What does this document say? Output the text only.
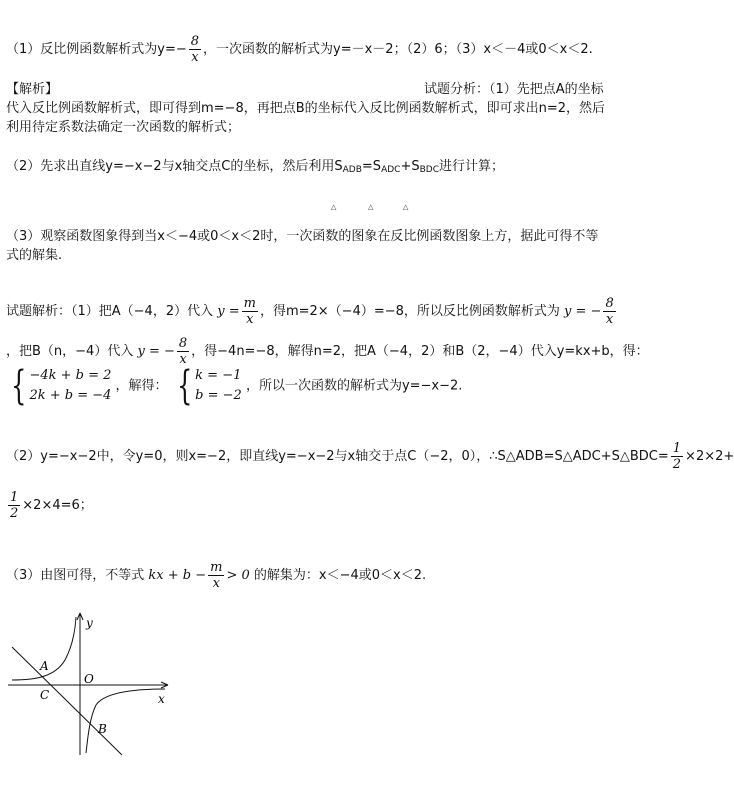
（1）反比例函数解析式为$y=- \frac{8}{x}$ ，一次函数的解析式为y=－x－2；（2）6；（3）x＜－4或0＜x＜2.
【解析】	试题分析：（1）先把点A的坐标
代入反比例函数解析式，即可得到m=−8，再把点B的坐标代入反比例函数解析式，即可求出n=2，然后
利用待定系数法确定一次函数的解析式；
（2）先求出直线y=−x−2与x轴交点C的坐标，然后利用SADB=SADC+SBDC进行计算；
△	△	△
（3）观察函数图象得到当x＜−4或0＜x＜2时，一次函数的图象在反比例函数图象上方，据此可得不等
式的解集.
试题解析：（1）把A（−4，2）代入 $y = \frac{m}{x}$ ，得m=2×（−4）=−8，所以反比例函数解析式为 y = − $\frac{8}{x}$
，把B（n，−4）代入 y = − $\frac{8}{x}$ ，得−4n=−8，解得n=2，把A（−4，2）和B（2，−4）代入y=kx+b，得：
{ −4k + b = 2
2k + b = −4
，解得： { k = −1
b = −2
，所以一次函数的解析式为y=−x−2.
（2）y=−x−2中，令y=0，则x=−2，即直线y=−x−2与x轴交于点C（−2，0），∴S△ADB=S△ADC+S△BDC= $\frac{1}{2} \times 2\times 2+$
$\frac{1}{2} \times 2\times 4=6$；
（3）由图可得，不等式 kx + $b - \frac{m}{x} > 0$ 的解集为：x＜−4或0＜x＜2.
y
x
O
A
C
B
